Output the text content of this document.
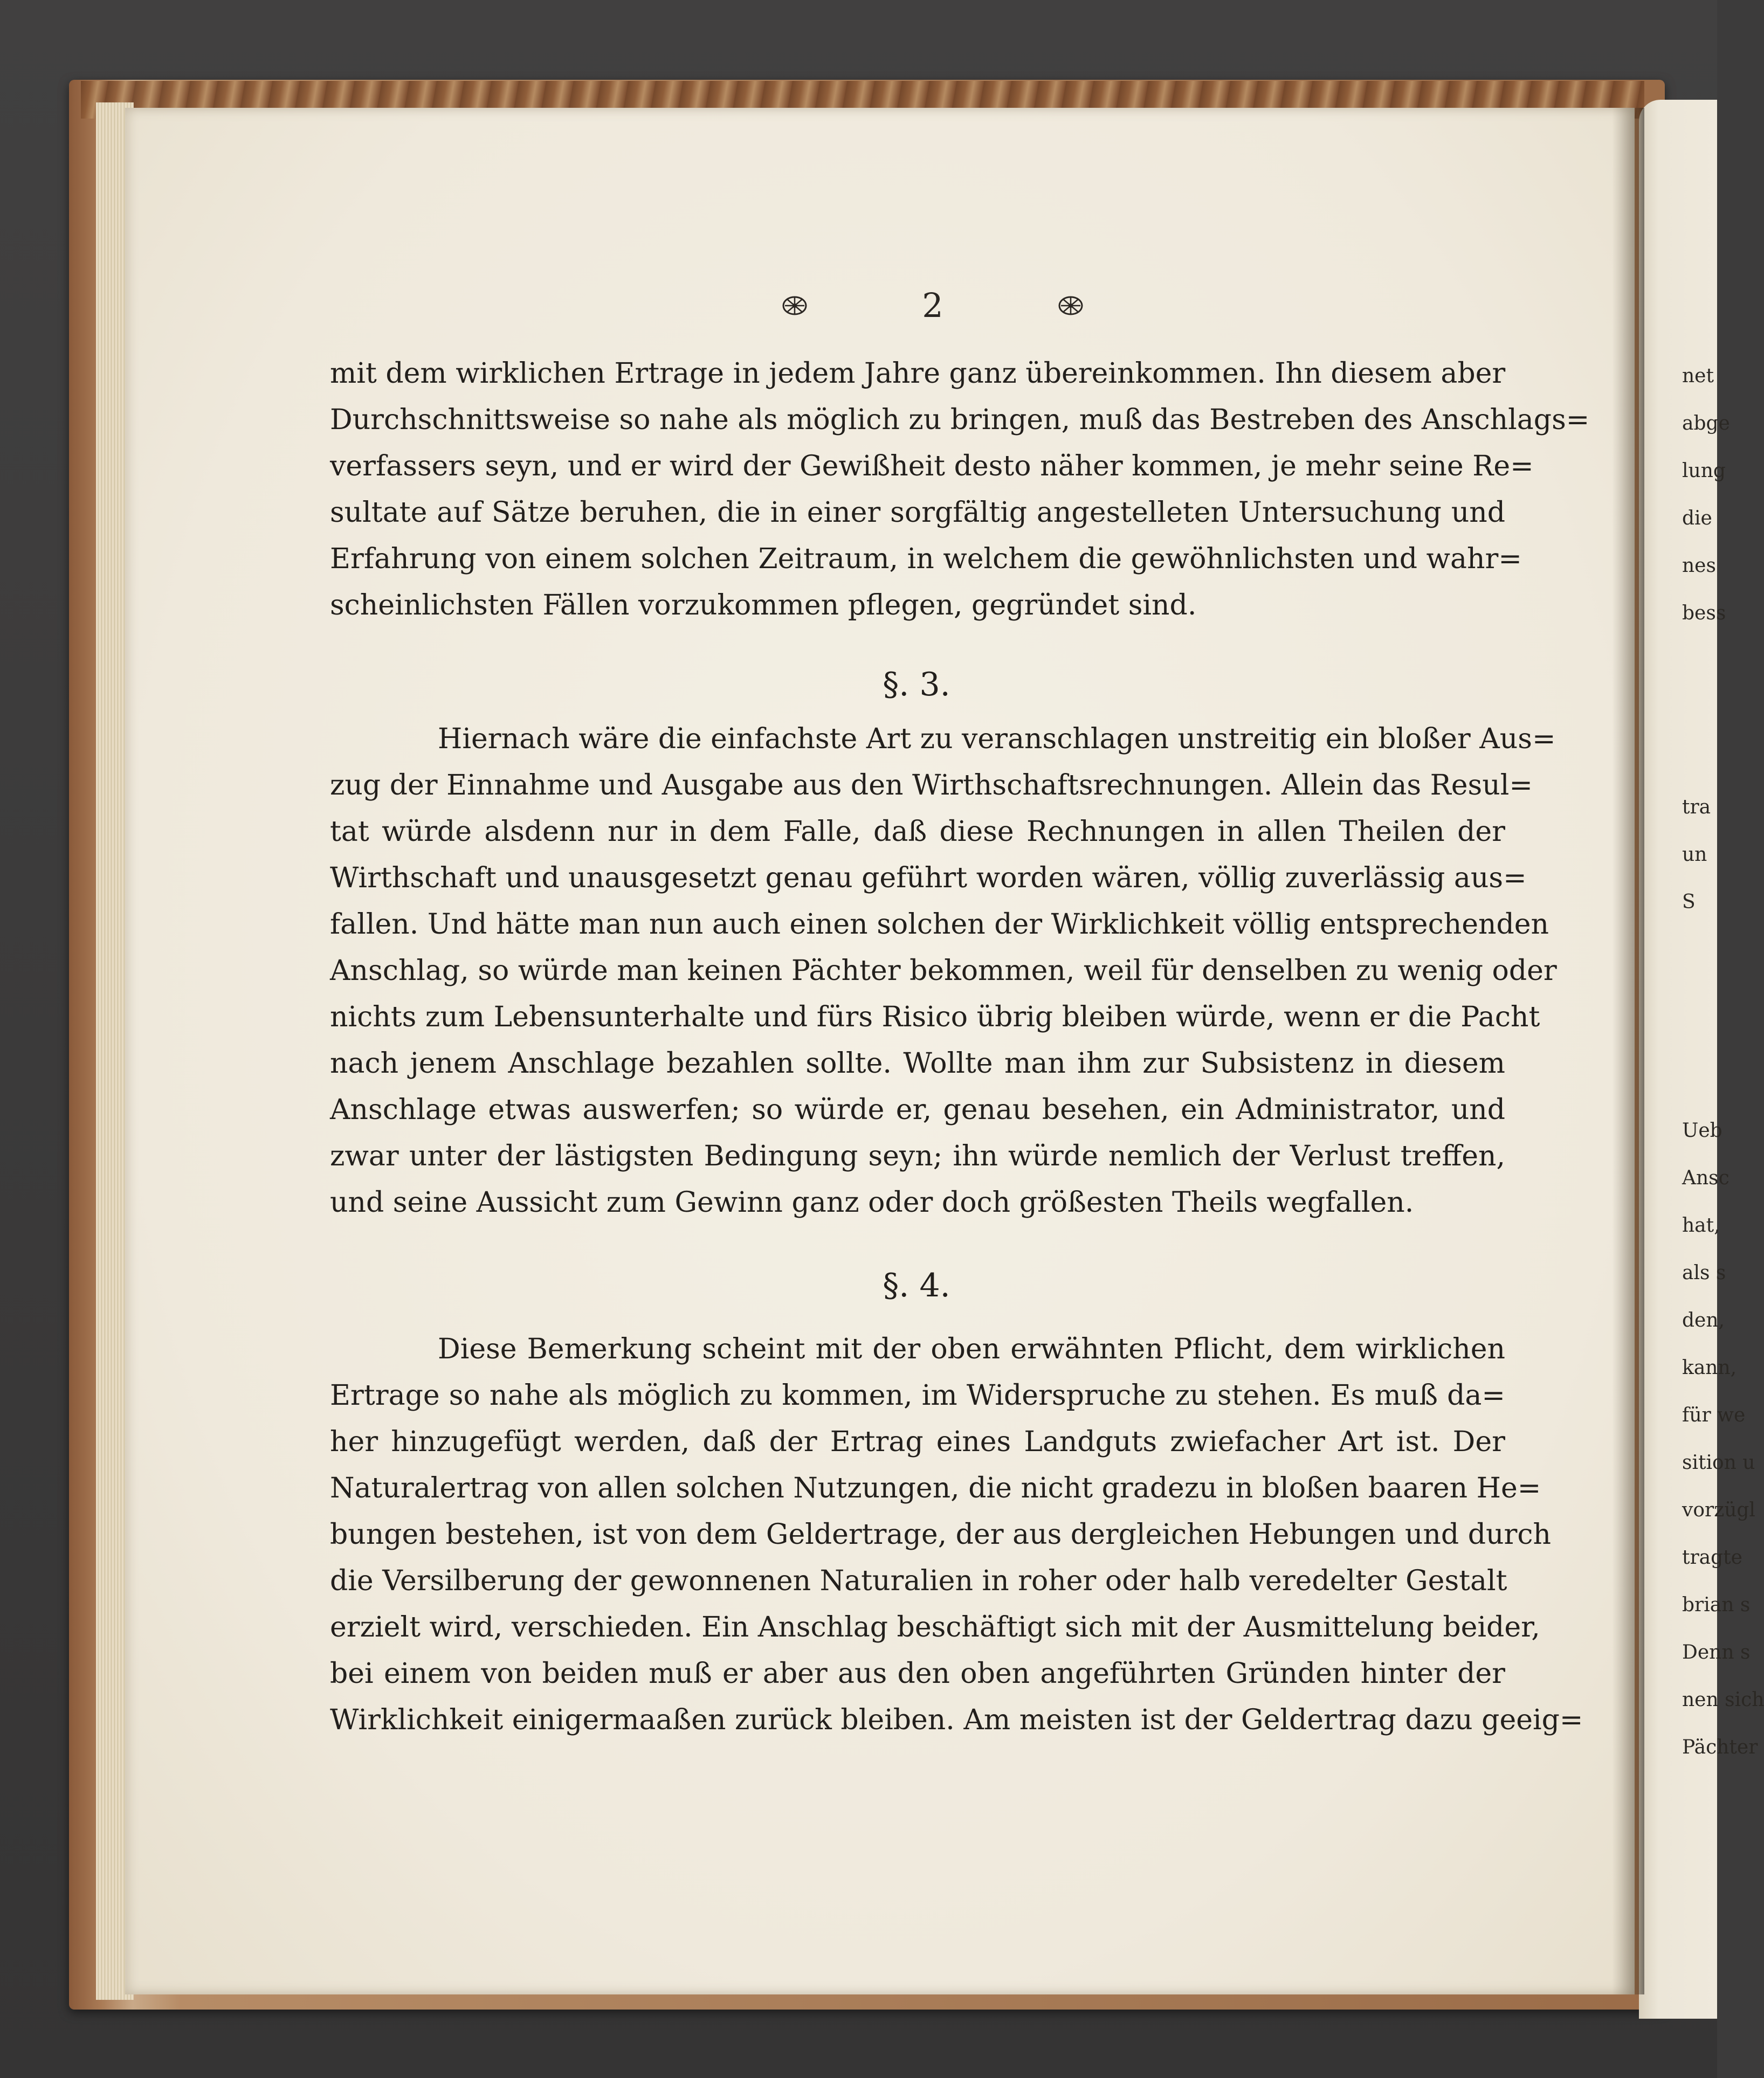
2
mit dem wirklichen Ertrage in jedem Jahre ganz übereinkommen. Ihn diesem aber
Durchschnittsweise so nahe als möglich zu bringen, muß das Bestreben des Anschlags=
verfassers seyn, und er wird der Gewißheit desto näher kommen, je mehr seine Re=
sultate auf Sätze beruhen, die in einer sorgfältig angestelleten Untersuchung und
Erfahrung von einem solchen Zeitraum, in welchem die gewöhnlichsten und wahr=
scheinlichsten Fällen vorzukommen pflegen, gegründet sind.
§. 3.
Hiernach wäre die einfachste Art zu veranschlagen unstreitig ein bloßer Aus=
zug der Einnahme und Ausgabe aus den Wirthschaftsrechnungen. Allein das Resul=
tat würde alsdenn nur in dem Falle, daß diese Rechnungen in allen Theilen der
Wirthschaft und unausgesetzt genau geführt worden wären, völlig zuverlässig aus=
fallen. Und hätte man nun auch einen solchen der Wirklichkeit völlig entsprechenden
Anschlag, so würde man keinen Pächter bekommen, weil für denselben zu wenig oder
nichts zum Lebensunterhalte und fürs Risico übrig bleiben würde, wenn er die Pacht
nach jenem Anschlage bezahlen sollte. Wollte man ihm zur Subsistenz in diesem
Anschlage etwas auswerfen; so würde er, genau besehen, ein Administrator, und
zwar unter der lästigsten Bedingung seyn; ihn würde nemlich der Verlust treffen,
und seine Aussicht zum Gewinn ganz oder doch größesten Theils wegfallen.
§. 4.
Diese Bemerkung scheint mit der oben erwähnten Pflicht, dem wirklichen
Ertrage so nahe als möglich zu kommen, im Widerspruche zu stehen. Es muß da=
her hinzugefügt werden, daß der Ertrag eines Landguts zwiefacher Art ist. Der
Naturalertrag von allen solchen Nutzungen, die nicht gradezu in bloßen baaren He=
bungen bestehen, ist von dem Geldertrage, der aus dergleichen Hebungen und durch
die Versilberung der gewonnenen Naturalien in roher oder halb veredelter Gestalt
erzielt wird, verschieden. Ein Anschlag beschäftigt sich mit der Ausmittelung beider,
bei einem von beiden muß er aber aus den oben angeführten Gründen hinter der
Wirklichkeit einigermaaßen zurück bleiben. Am meisten ist der Geldertrag dazu geeig=
net
abge
lung
die
nes
bess
tra
un
S
Ueb
Ansc
hat,
als s
den,
kann,
für we
sition u
vorzügl
tragte
brian s
Denn s
nen sich
Pächter
